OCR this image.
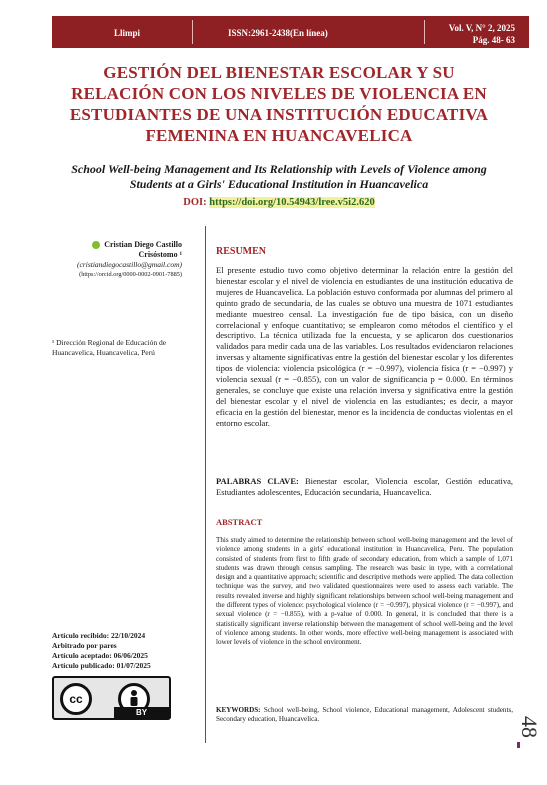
Llimpi	ISSN:2961-2438(En línea)	Vol. V, N° 2, 2025
Pág. 48- 63
GESTIÓN DEL BIENESTAR ESCOLAR Y SU RELACIÓN CON LOS NIVELES DE VIOLENCIA EN ESTUDIANTES DE UNA INSTITUCIÓN EDUCATIVA FEMENINA EN HUANCAVELICA
School Well-being Management and Its Relationship with Levels of Violence among Students at a Girls' Educational Institution in Huancavelica
DOI: https://doi.org/10.54943/lree.v5i2.620
Cristian Diego Castillo
Crisóstomo ¹
(cristiandiegocastillo@gmail.com)
(https://orcid.org/0000-0002-0901-7885)
¹ Dirección Regional de Educación de Huancavelica, Huancavelica, Perú
Artículo recibido: 22/10/2024
Arbitrado por pares
Artículo aceptado: 06/06/2025
Artículo publicado: 01/07/2025
cc
BY
RESUMEN
El presente estudio tuvo como objetivo determinar la relación entre la gestión del bienestar escolar y el nivel de violencia en estudiantes de una institución educativa de mujeres de Huancavelica. La población estuvo conformada por alumnas del primero al quinto grado de secundaria, de las cuales se obtuvo una muestra de 1071 estudiantes mediante muestreo censal. La investigación fue de tipo básica, con un diseño correlacional y enfoque cuantitativo; se emplearon como métodos el científico y el descriptivo. La técnica utilizada fue la encuesta, y se aplicaron dos cuestionarios validados para medir cada una de las variables. Los resultados evidenciaron relaciones inversas y altamente significativas entre la gestión del bienestar escolar y los diferentes tipos de violencia: violencia psicológica (r = −0.997), violencia física (r = −0.997) y violencia sexual (r = −0.855), con un valor de significancia p = 0.000. En términos generales, se concluye que existe una relación inversa y significativa entre la gestión del bienestar escolar y el nivel de violencia en las estudiantes; es decir, a mayor eficacia en la gestión del bienestar, menor es la incidencia de conductas violentas en el entorno escolar.
PALABRAS CLAVE: Bienestar escolar, Violencia escolar, Gestión educativa, Estudiantes adolescentes, Educación secundaria, Huancavelica.
ABSTRACT
This study aimed to determine the relationship between school well-being management and the level of violence among students in a girls' educational institution in Huancavelica, Peru. The population consisted of students from first to fifth grade of secondary education, from which a sample of 1,071 students was drawn through census sampling. The research was basic in type, with a correlational design and a quantitative approach; scientific and descriptive methods were applied. The data collection technique was the survey, and two validated questionnaires were used to assess each variable. The results revealed inverse and highly significant relationships between school well-being management and the different types of violence: psychological violence (r = −0.997), physical violence (r = −0.997), and sexual violence (r = −0.855), with a p-value of 0.000. In general, it is concluded that there is a statistically significant inverse relationship between the management of school well-being and the level of violence among students. In other words, more effective well-being management is associated with lower levels of violence in the school environment.
KEYWORDS: School well-being, School violence, Educational management, Adolescent students, Secondary education, Huancavelica.	48
